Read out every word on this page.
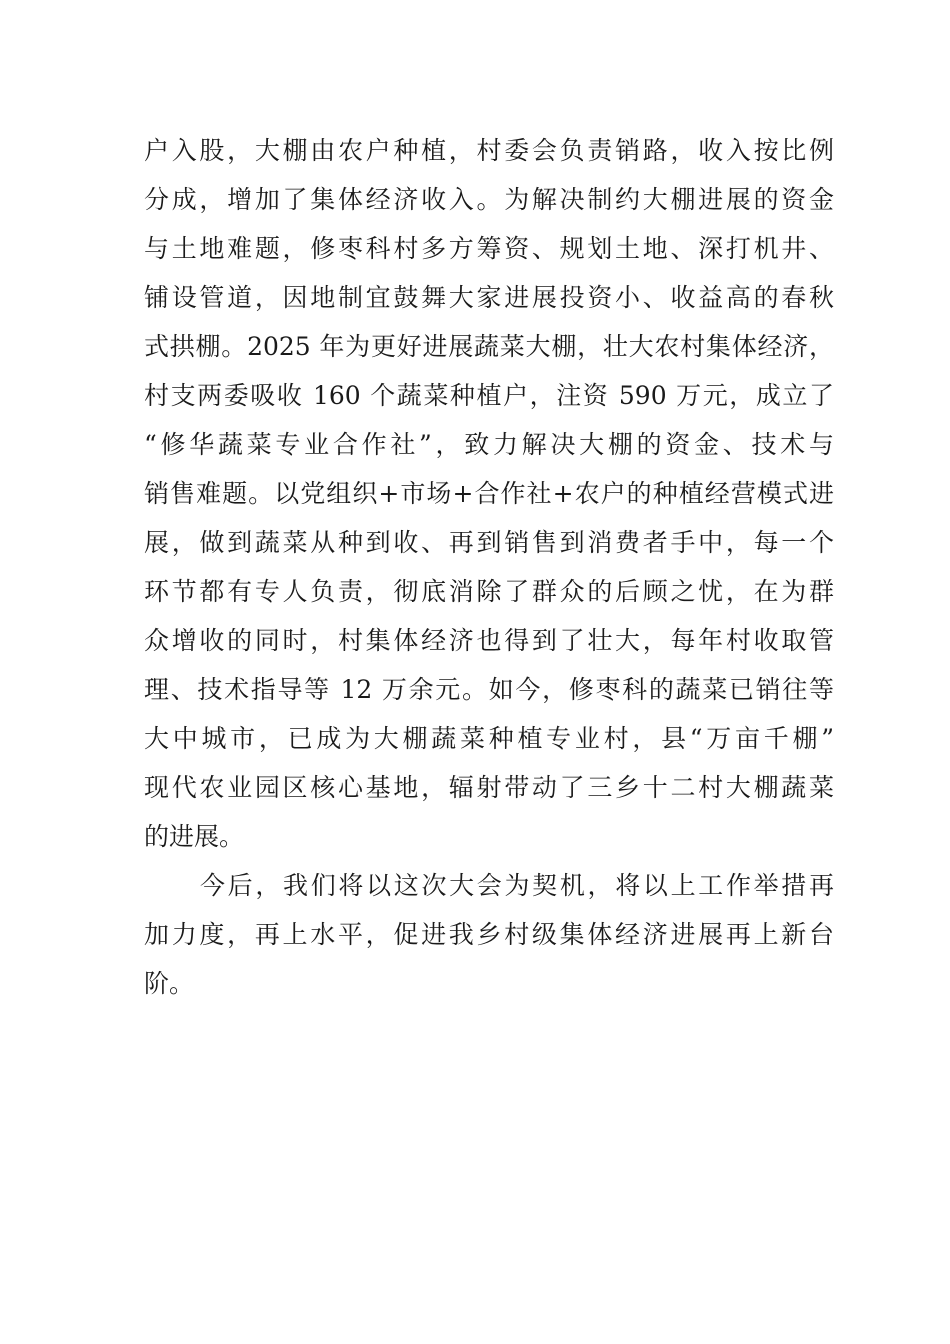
户入股，大棚由农户种植，村委会负责销路，收入按比例
分成，增加了集体经济收入。为解决制约大棚进展的资金
与土地难题，修枣科村多方筹资、规划土地、深打机井、
铺设管道，因地制宜鼓舞大家进展投资小、收益高的春秋
式拱棚。2025 年为更好进展蔬菜大棚，壮大农村集体经济，
村支两委吸收 160 个蔬菜种植户，注资 590 万元，成立了
“修华蔬菜专业合作社”，致力解决大棚的资金、技术与
销售难题。以党组织+市场+合作社+农户的种植经营模式进
展，做到蔬菜从种到收、再到销售到消费者手中，每一个
环节都有专人负责，彻底消除了群众的后顾之忧，在为群
众增收的同时，村集体经济也得到了壮大，每年村收取管
理、技术指导等 12 万余元。如今，修枣科的蔬菜已销往等
大中城市，已成为大棚蔬菜种植专业村，县“万亩千棚”
现代农业园区核心基地，辐射带动了三乡十二村大棚蔬菜
的进展。
今后，我们将以这次大会为契机，将以上工作举措再
加力度，再上水平，促进我乡村级集体经济进展再上新台
阶。
